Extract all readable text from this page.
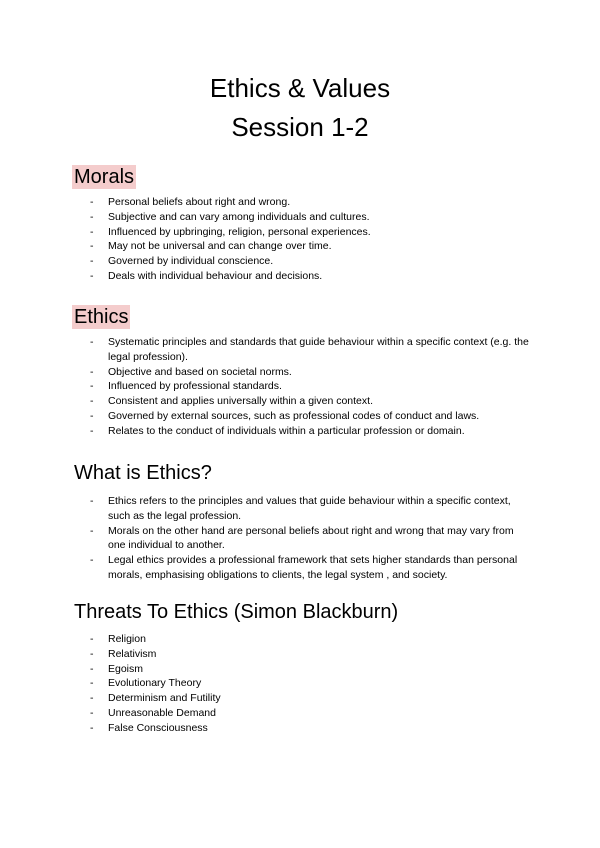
Ethics & Values
Session 1-2
Morals
- Personal beliefs about right and wrong.
- Subjective and can vary among individuals and cultures.
- Influenced by upbringing, religion, personal experiences.
- May not be universal and can change over time.
- Governed by individual conscience.
- Deals with individual behaviour and decisions.
Ethics
- Systematic principles and standards that guide behaviour within a specific context (e.g. the legal profession).
- Objective and based on societal norms.
- Influenced by professional standards.
- Consistent and applies universally within a given context.
- Governed by external sources, such as professional codes of conduct and laws.
- Relates to the conduct of individuals within a particular profession or domain.
What is Ethics?
- Ethics refers to the principles and values that guide behaviour within a specific context, such as the legal profession.
- Morals on the other hand are personal beliefs about right and wrong that may vary from one individual to another.
- Legal ethics provides a professional framework that sets higher standards than personal morals, emphasising obligations to clients, the legal system , and society.
Threats To Ethics (Simon Blackburn)
- Religion
- Relativism
- Egoism
- Evolutionary Theory
- Determinism and Futility
- Unreasonable Demand
- False Consciousness
